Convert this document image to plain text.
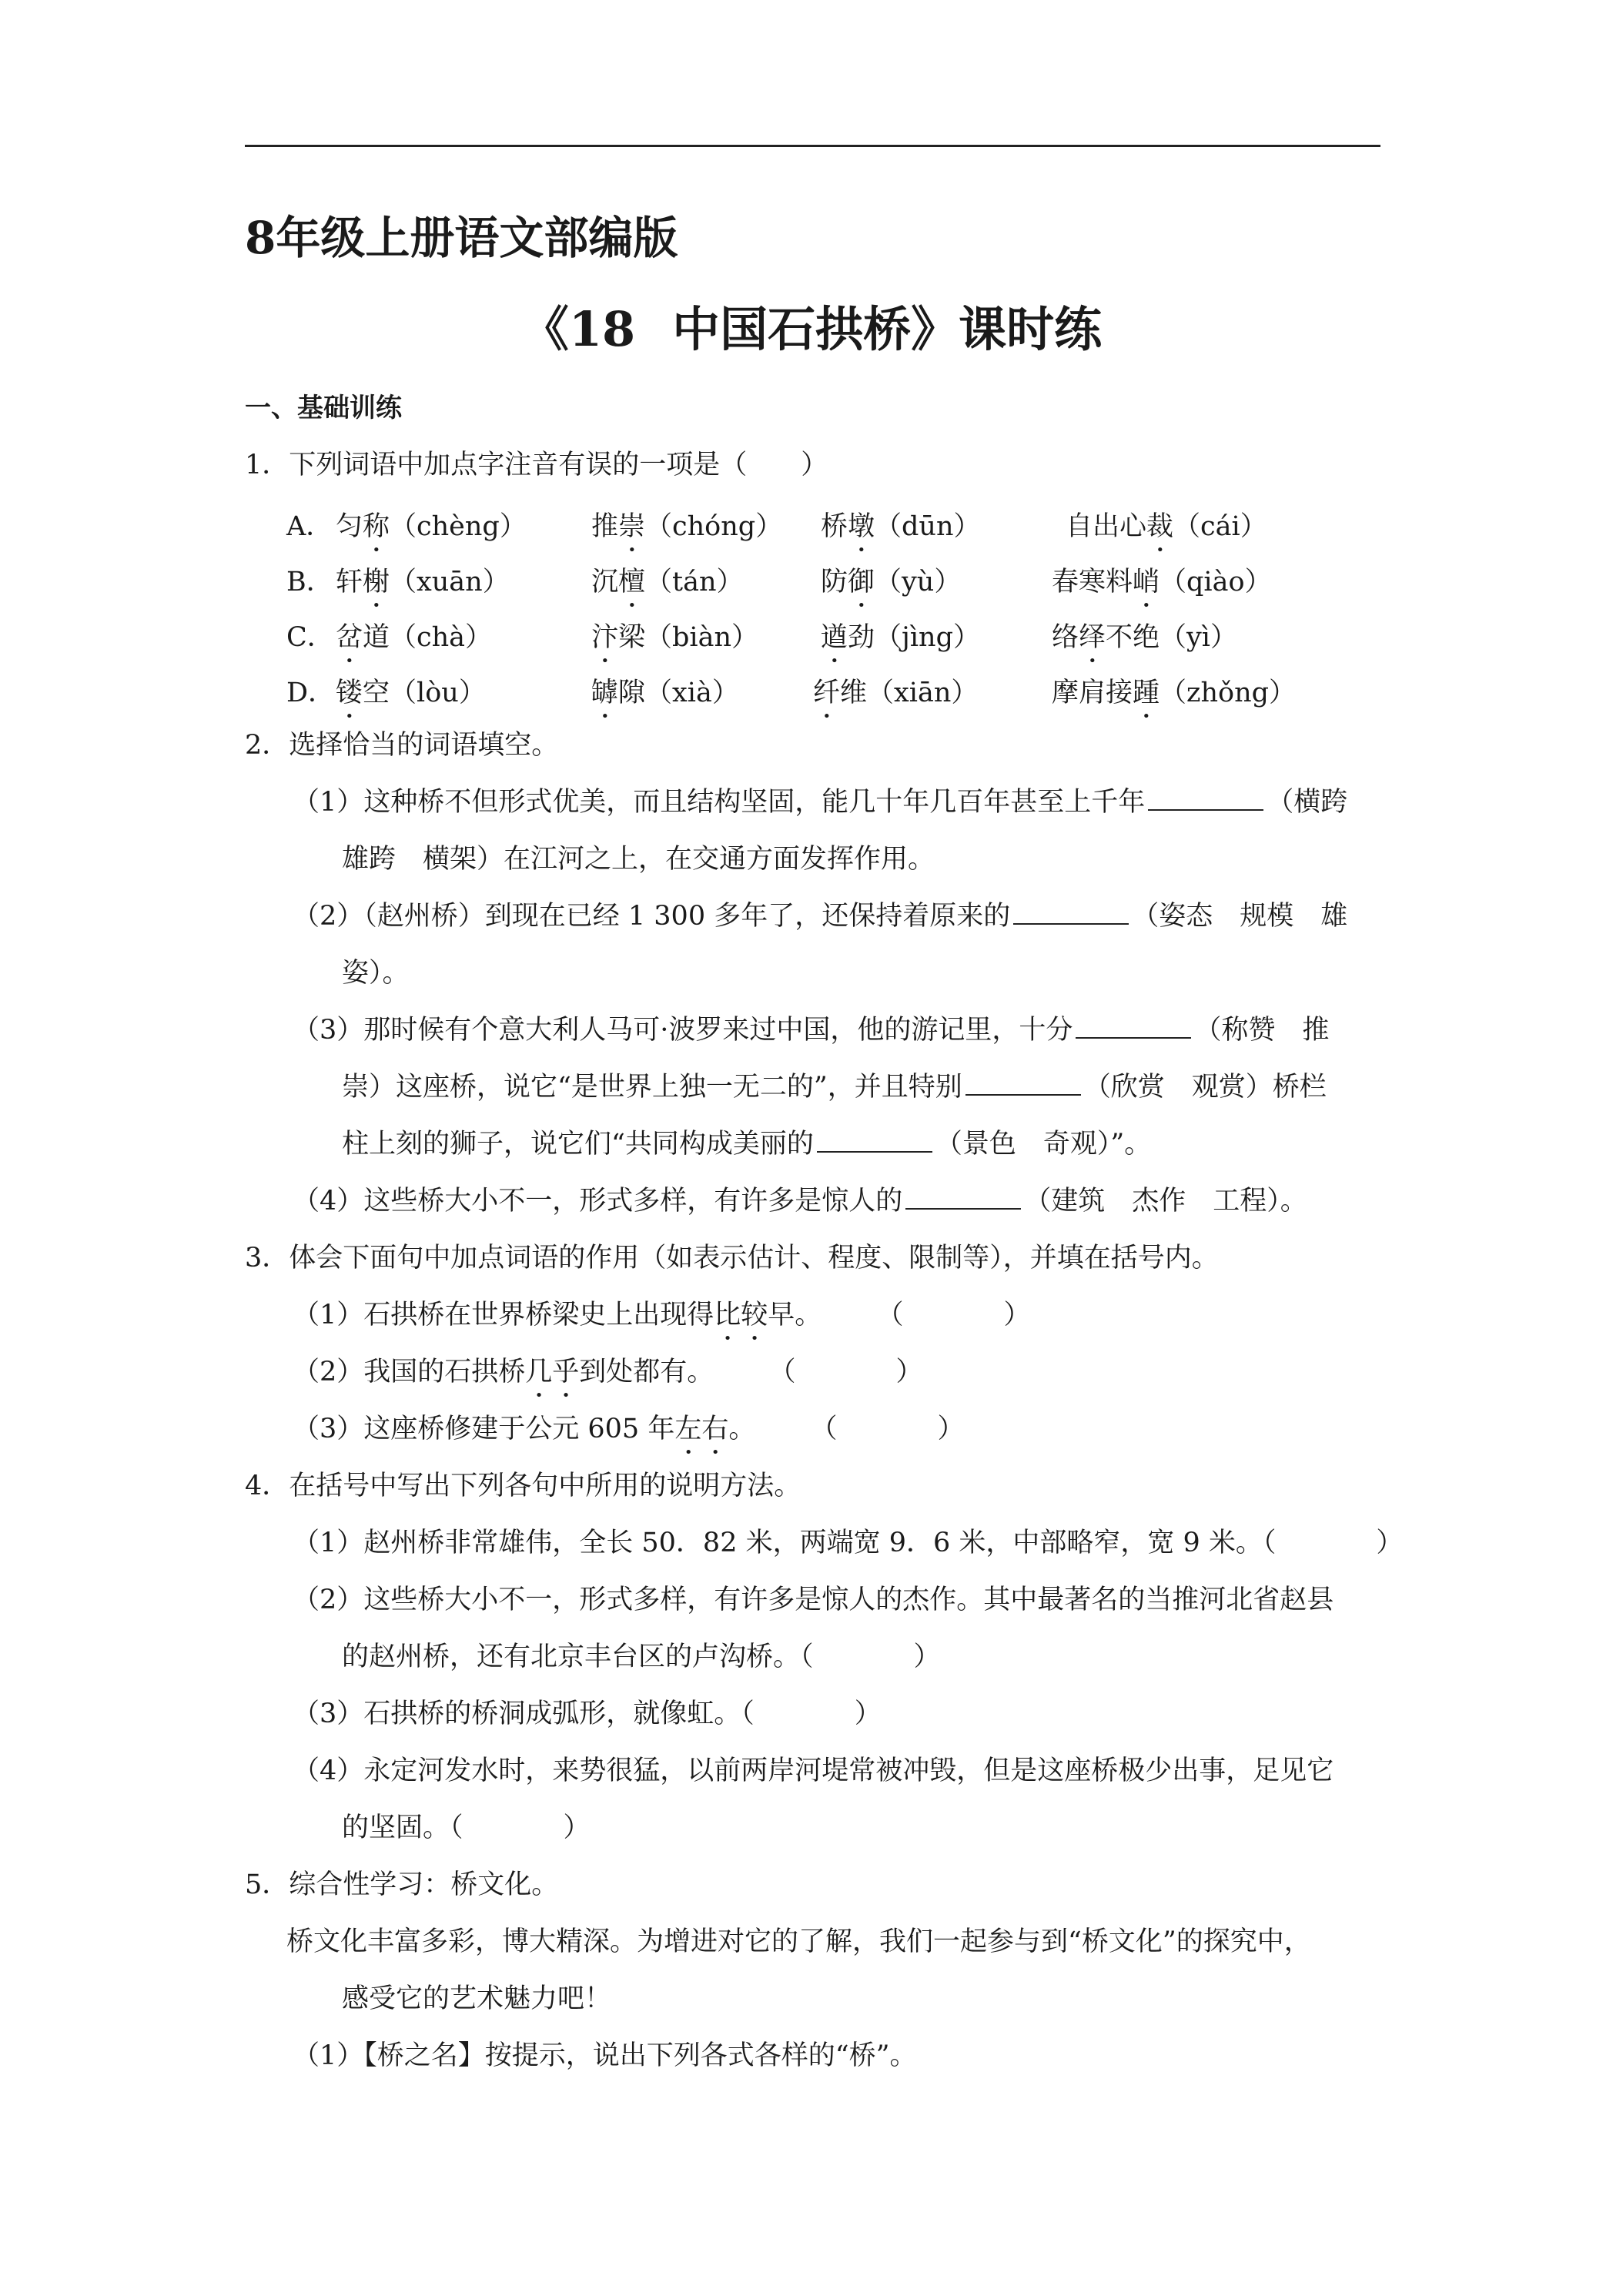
8年级上册语文部编版
《18 中国石拱桥》课时练
一、基础训练
1．下列词语中加点字注音有误的一项是（　　）
A． 匀称（chèng） 推崇（chóng） 桥墩（dūn）	自出心裁（cái）
B． 轩榭（xuān）	沉檀（tán）	防御（yù）	春寒料峭（qiào）
C． 岔道（chà）	汴梁（biàn） 遒劲（jìng）	络绎不绝（yì）
D． 镂空（lòu）	罅隙（xià）	纤维（xiān）	摩肩接踵（zhǒng）
2．选择恰当的词语填空。
（1）这种桥不但形式优美，而且结构坚固，能几十年几百年甚至上千年	（横跨
雄跨　横架）在江河之上，在交通方面发挥作用。
（2）（赵州桥）到现在已经 1 300 多年了，还保持着原来的	（姿态　规模　雄
姿）。
（3）那时候有个意大利人马可·波罗来过中国，他的游记里，十分	（称赞　推
崇）这座桥，说它“是世界上独一无二的”，并且特别	（欣赏　观赏）桥栏
柱上刻的狮子，说它们“共同构成美丽的	（景色　奇观）”。
（4）这些桥大小不一，形式多样，有许多是惊人的	（建筑　杰作　工程）。
3．体会下面句中加点词语的作用（如表示估计、程度、限制等），并填在括号内。
（1）石拱桥在世界桥梁史上出现得比较早。 （	）
（2）我国的石拱桥几乎到处都有。 （	）
（3）这座桥修建于公元 605 年左右。 （	）
4．在括号中写出下列各句中所用的说明方法。
（1）赵州桥非常雄伟，全长 50．82 米，两端宽 9．6 米，中部略窄，宽 9 米。（	）
（2）这些桥大小不一，形式多样，有许多是惊人的杰作。其中最著名的当推河北省赵县
的赵州桥，还有北京丰台区的卢沟桥。（	）
（3）石拱桥的桥洞成弧形，就像虹。（	）
（4）永定河发水时，来势很猛，以前两岸河堤常被冲毁，但是这座桥极少出事，足见它
的坚固。（	）
5．综合性学习：桥文化。
桥文化丰富多彩，博大精深。为增进对它的了解，我们一起参与到“桥文化”的探究中，
感受它的艺术魅力吧！
（1）【桥之名】按提示，说出下列各式各样的“桥”。
